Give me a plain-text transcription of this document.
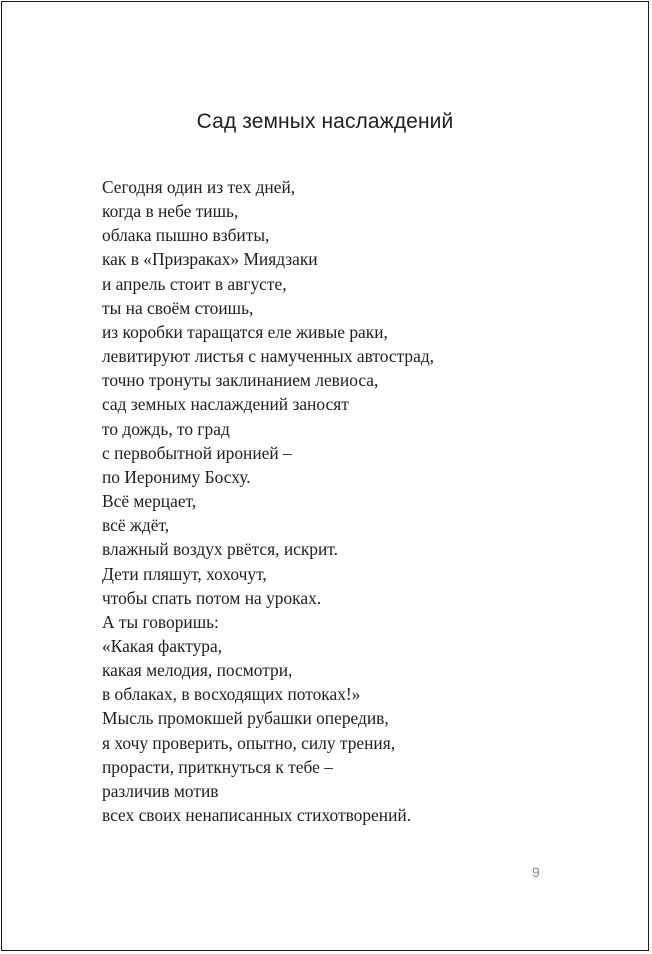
Сад земных наслаждений
Сегодня один из тех дней,
когда в небе тишь,
облака пышно взбиты,
как в «Призраках» Миядзаки
и апрель стоит в августе,
ты на своём стоишь,
из коробки таращатся еле живые раки,
левитируют листья с намученных автострад,
точно тронуты заклинанием левиоса,
сад земных наслаждений заносят
то дождь, то град
с первобытной иронией –
по Иерониму Босху.
Всё мерцает,
всё ждёт,
влажный воздух рвётся, искрит.
Дети пляшут, хохочут,
чтобы спать потом на уроках.
А ты говоришь:
«Какая фактура,
какая мелодия, посмотри,
в облаках, в восходящих потоках!»
Мысль промокшей рубашки опередив,
я хочу проверить, опытно, силу трения,
прорасти, приткнуться к тебе –
различив мотив
всех своих ненаписанных стихотворений.
9
